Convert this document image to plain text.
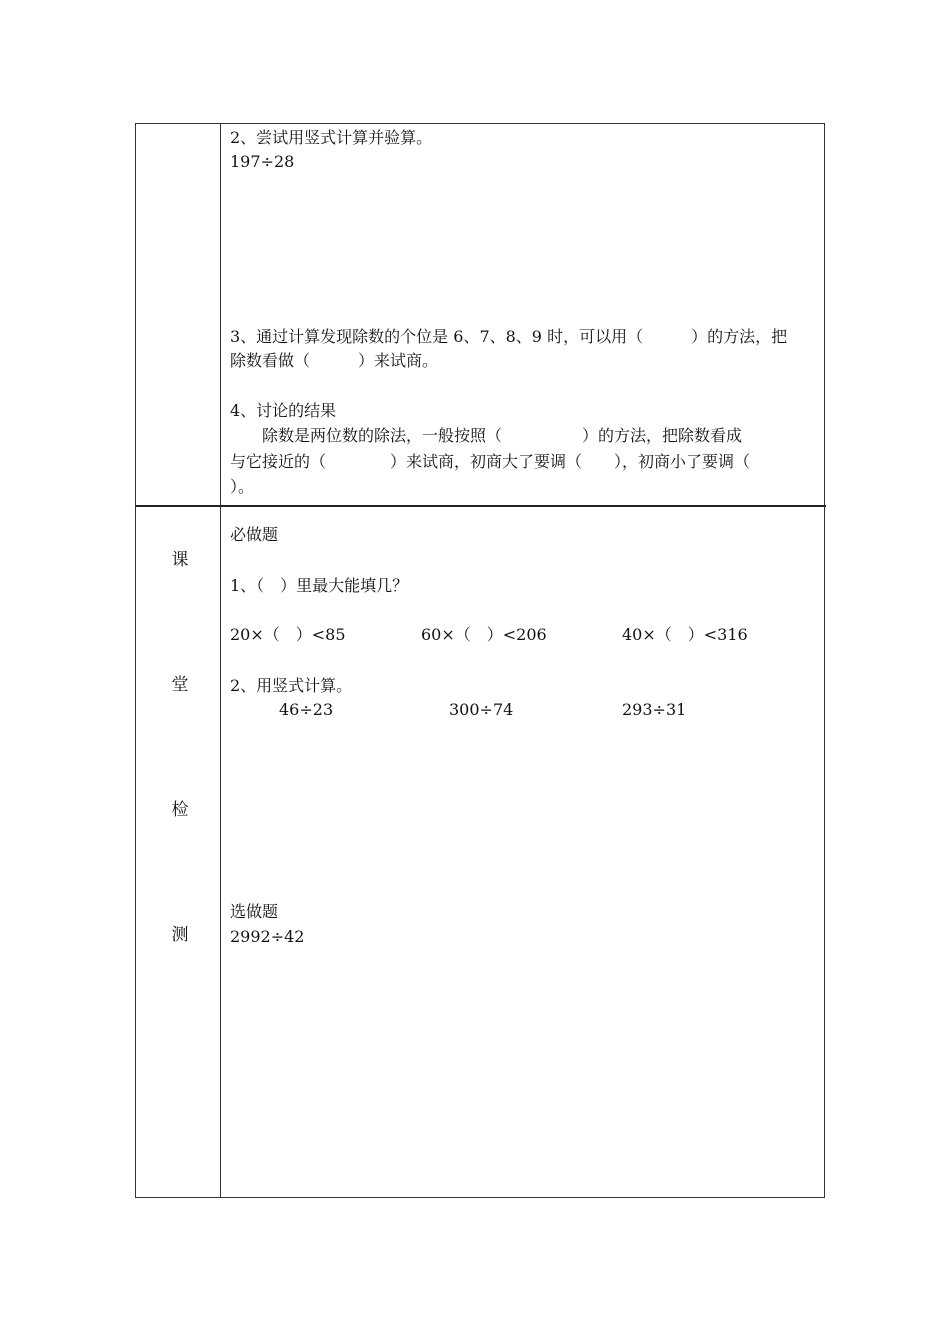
2、尝试用竖式计算并验算。
197÷28
3、通过计算发现除数的个位是 6、7、8、9 时，可以用（　　　）的方法，把
除数看做（　　　）来试商。
4、讨论的结果
　　除数是两位数的除法，一般按照（　　　　　）的方法，把除数看成
与它接近的（　　　　）来试商，初商大了要调（　　），初商小了要调（
）。
课
堂
检
测
必做题
1、（　）里最大能填几？
20×（　）<85	60×（　）<206	40×（　）<316
2、用竖式计算。
46÷23	300÷74	293÷31
选做题
2992÷42
